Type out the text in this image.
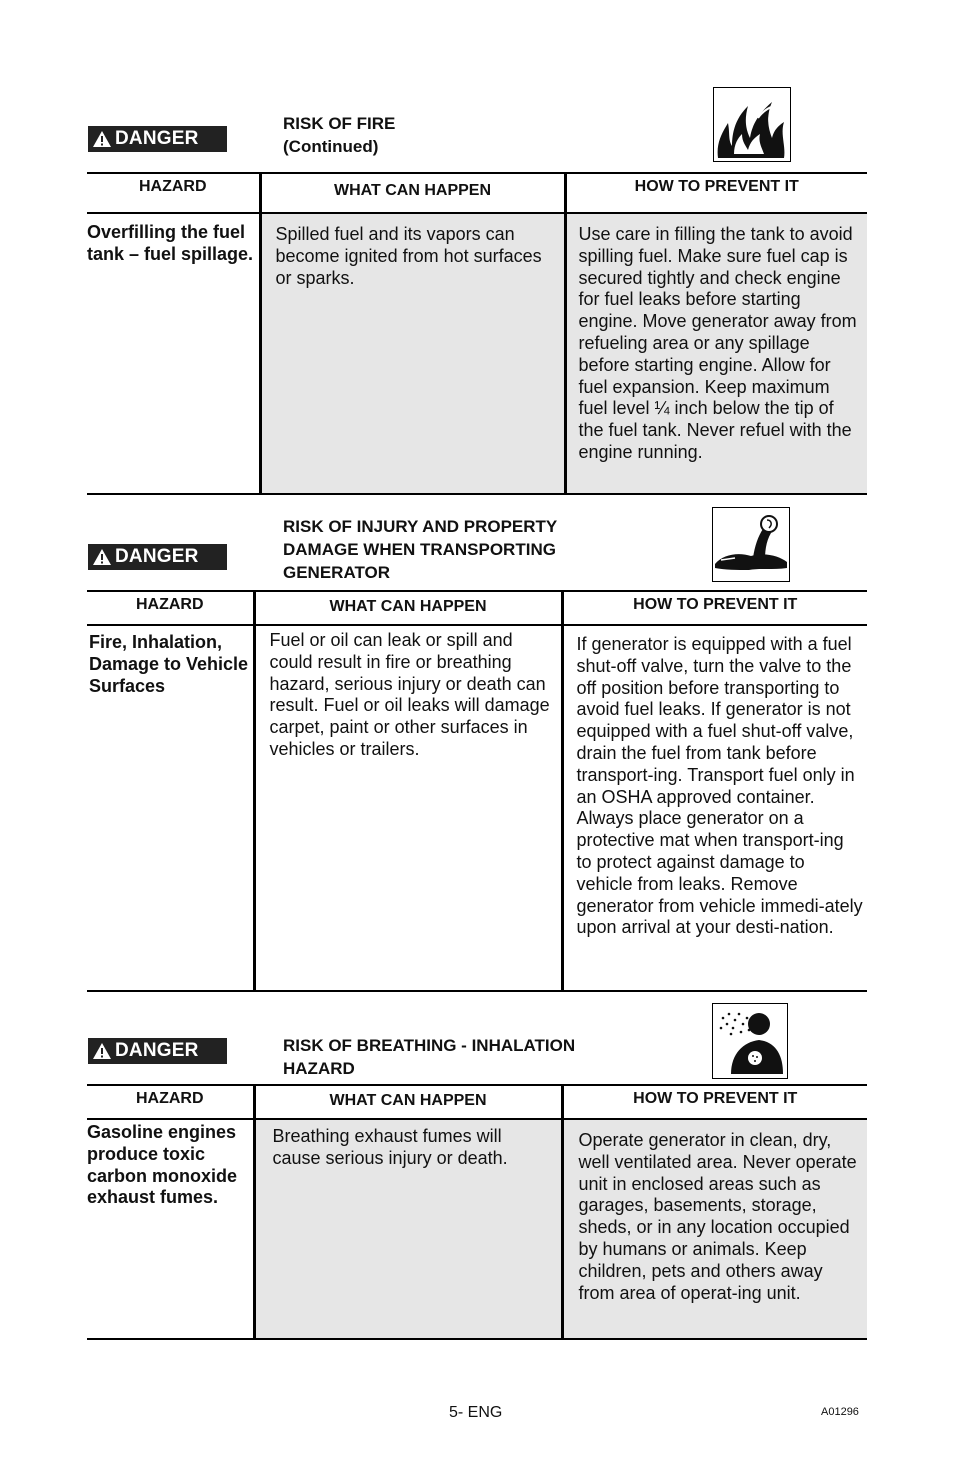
DANGER
RISK OF FIRE
(Continued)
HAZARD	WHAT CAN HAPPEN	HOW TO PREVENT IT
Overfilling the fuel tank – fuel spillage.	Spilled fuel and its vapors can become ignited from hot surfaces or sparks.	Use care in filling the tank to avoid spilling fuel. Make sure fuel cap is secured tightly and check engine for fuel leaks before starting engine. Move generator away from refueling area or any spillage before starting engine. Allow for fuel expansion. Keep maximum fuel level ¼ inch below the tip of the fuel tank. Never refuel with the engine running.
DANGER
RISK OF INJURY AND PROPERTY
DAMAGE WHEN TRANSPORTING
GENERATOR
HAZARD	WHAT CAN HAPPEN	HOW TO PREVENT IT
Fire, Inhalation, Damage to Vehicle Surfaces	Fuel or oil can leak or spill and could result in fire or breathing hazard, serious injury or death can result. Fuel or oil leaks will damage carpet, paint or other surfaces in vehicles or trailers.	If generator is equipped with a fuel shut-off valve, turn the valve to the off position before transporting to avoid fuel leaks. If generator is not equipped with a fuel shut-off valve, drain the fuel from tank before transport-ing. Transport fuel only in an OSHA approved container. Always place generator on a protective mat when transport-ing to protect against damage to vehicle from leaks. Remove generator from vehicle immedi-ately upon arrival at your desti-nation.
DANGER	RISK OF BREATHING - INHALATION
HAZARD
HAZARD	WHAT CAN HAPPEN	HOW TO PREVENT IT
Gasoline engines produce toxic carbon monoxide exhaust fumes.	Breathing exhaust fumes will cause serious injury or death.	Operate generator in clean, dry, well ventilated area. Never operate unit in enclosed areas such as garages, basements, storage, sheds, or in any location occupied by humans or animals. Keep children, pets and others away from area of operat-ing unit.
5- ENG	A01296
